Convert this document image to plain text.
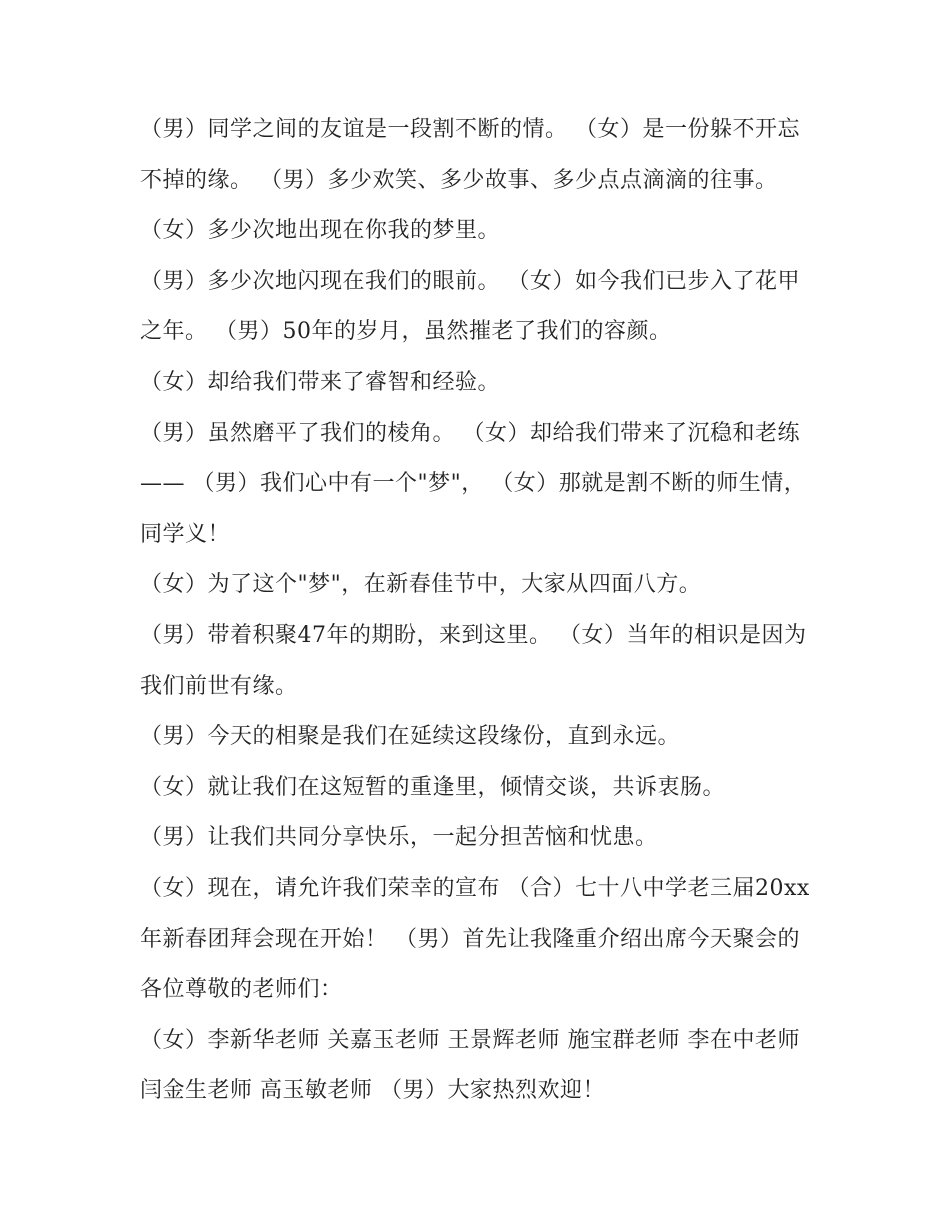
（男）同学之间的友谊是一段割不断的情。 （女）是一份躲不开忘不掉的缘。 （男）多少欢笑、多少故事、多少点点滴滴的往事。 （女）多少次地出现在你我的梦里。

（男）多少次地闪现在我们的眼前。 （女）如今我们已步入了花甲之年。 （男）50年的岁月，虽然摧老了我们的容颜。

（女）却给我们带来了睿智和经验。

（男）虽然磨平了我们的棱角。 （女）却给我们带来了沉稳和老练—— （男）我们心中有一个"梦"， （女）那就是割不断的师生情，同学义！

（女）为了这个"梦"，在新春佳节中，大家从四面八方。

（男）带着积聚47年的期盼，来到这里。 （女）当年的相识是因为我们前世有缘。

（男）今天的相聚是我们在延续这段缘份，直到永远。

（女）就让我们在这短暂的重逢里，倾情交谈，共诉衷肠。

（男）让我们共同分享快乐，一起分担苦恼和忧患。

（女）现在，请允许我们荣幸的宣布 （合）七十八中学老三届20xx年新春团拜会现在开始！ （男）首先让我隆重介绍出席今天聚会的各位尊敬的老师们：

（女）李新华老师 关嘉玉老师 王景辉老师 施宝群老师 李在中老师 闫金生老师 高玉敏老师 （男）大家热烈欢迎！
